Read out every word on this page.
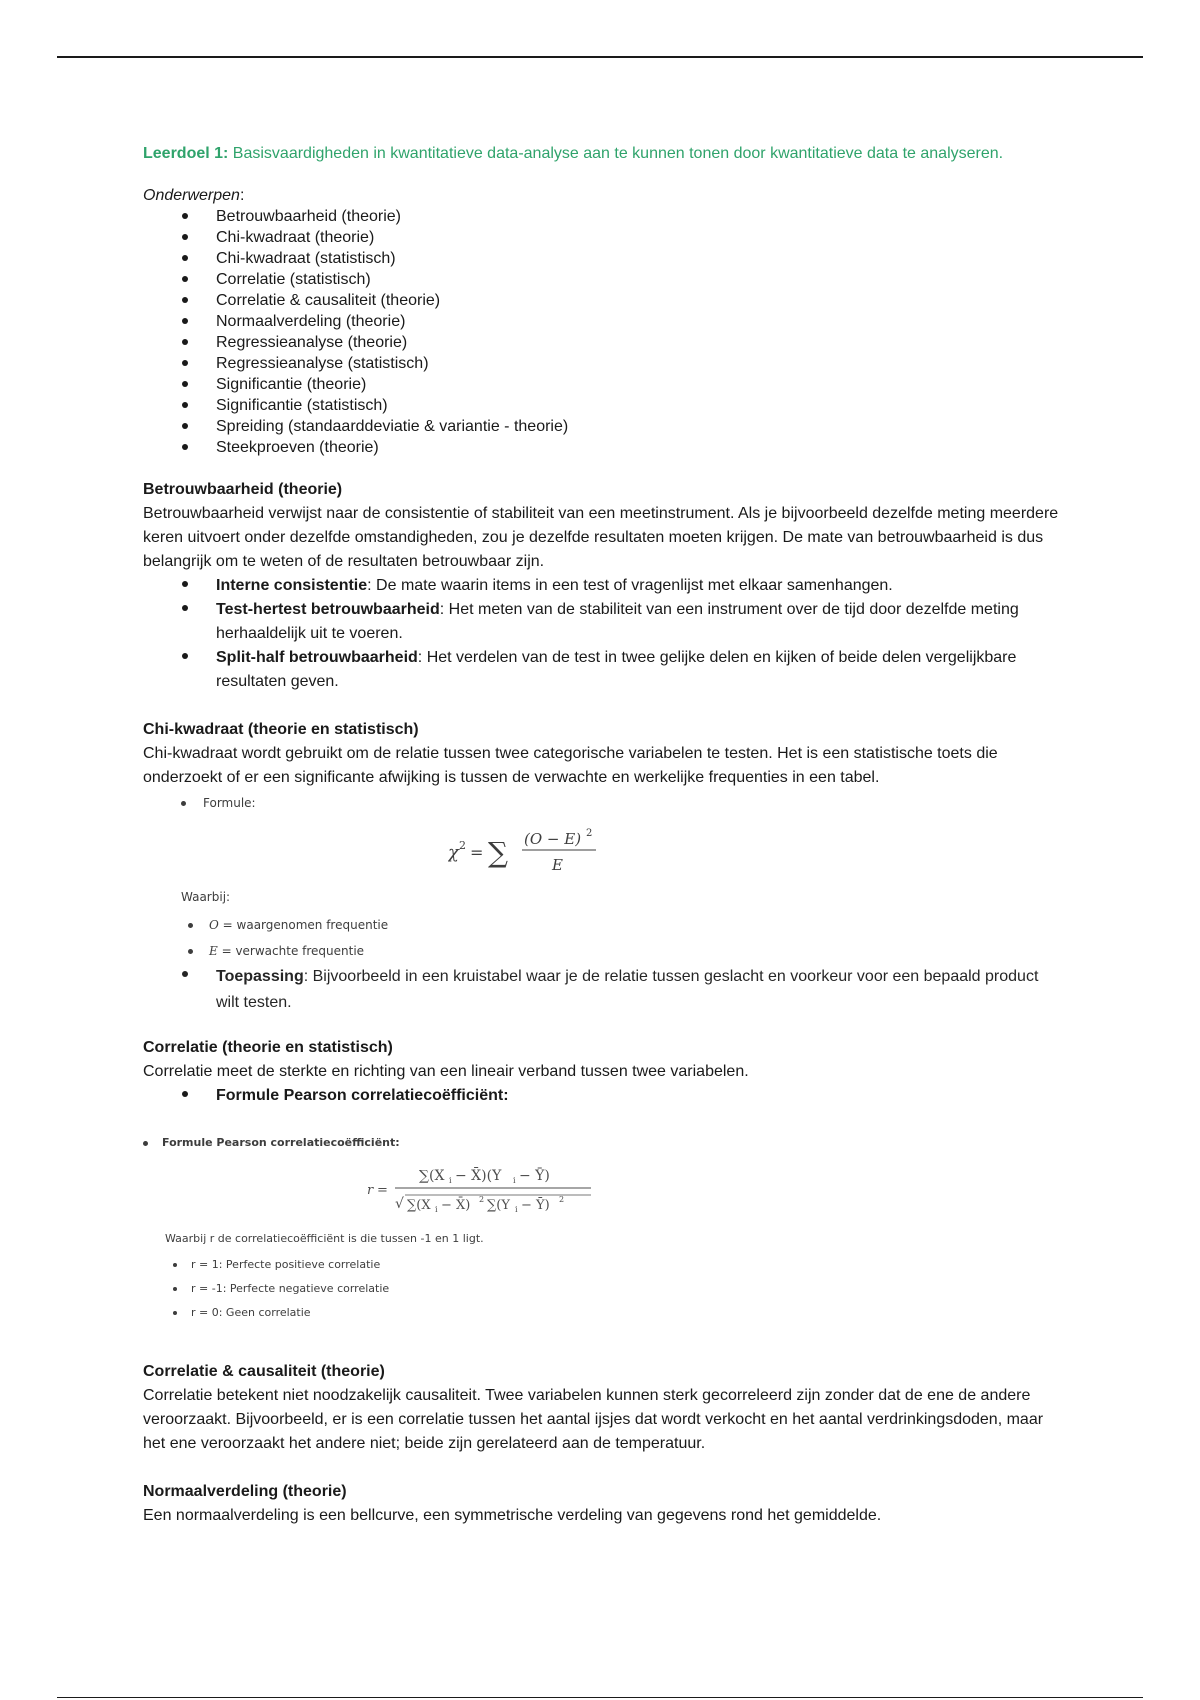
Leerdoel 1: Basisvaardigheden in kwantitatieve data-analyse aan te kunnen tonen door kwantitatieve data te analyseren.

Onderwerpen:
Betrouwbaarheid (theorie)
Chi-kwadraat (theorie)
Chi-kwadraat (statistisch)
Correlatie (statistisch)
Correlatie & causaliteit (theorie)
Normaalverdeling (theorie)
Regressieanalyse (theorie)
Regressieanalyse (statistisch)
Significantie (theorie)
Significantie (statistisch)
Spreiding (standaarddeviatie & variantie - theorie)
Steekproeven (theorie)
Betrouwbaarheid (theorie)

Betrouwbaarheid verwijst naar de consistentie of stabiliteit van een meetinstrument. Als je bijvoorbeeld dezelfde meting meerdere keren uitvoert onder dezelfde omstandigheden, zou je dezelfde resultaten moeten krijgen. De mate van betrouwbaarheid is dus belangrijk om te weten of de resultaten betrouwbaar zijn.

Interne consistentie: De mate waarin items in een test of vragenlijst met elkaar samenhangen.
Test-hertest betrouwbaarheid: Het meten van de stabiliteit van een instrument over de tijd door dezelfde meting herhaaldelijk uit te voeren.
Split-half betrouwbaarheid: Het verdelen van de test in twee gelijke delen en kijken of beide delen vergelijkbare resultaten geven.
Chi-kwadraat (theorie en statistisch)

Chi-kwadraat wordt gebruikt om de relatie tussen twee categorische variabelen te testen. Het is een statistische toets die onderzoekt of er een significante afwijking is tussen de verwachte en werkelijke frequenties in een tabel.

Formule:
χ 2 = ∑ (O − E) 2
E
Waarbij:
O = waargenomen frequentie
E = verwachte frequentie
Toepassing: Bijvoorbeeld in een kruistabel waar je de relatie tussen geslacht en voorkeur voor een bepaald product wilt testen.
Correlatie (theorie en statistisch)

Correlatie meet de sterkte en richting van een lineair verband tussen twee variabelen.

Formule Pearson correlatiecoëfficiënt:
Formule Pearson correlatiecoëfficiënt:
r =
∑(X i − X̄)(Y i − Ȳ)
√ ∑(X i − X̄) 2 ∑(Y i − Ȳ) 2
Waarbij r de correlatiecoëfficiënt is die tussen -1 en 1 ligt.
r = 1: Perfecte positieve correlatie
r = -1: Perfecte negatieve correlatie
r = 0: Geen correlatie
Correlatie & causaliteit (theorie)

Correlatie betekent niet noodzakelijk causaliteit. Twee variabelen kunnen sterk gecorreleerd zijn zonder dat de ene de andere veroorzaakt. Bijvoorbeeld, er is een correlatie tussen het aantal ijsjes dat wordt verkocht en het aantal verdrinkingsdoden, maar het ene veroorzaakt het andere niet; beide zijn gerelateerd aan de temperatuur.

Normaalverdeling (theorie)

Een normaalverdeling is een bellcurve, een symmetrische verdeling van gegevens rond het gemiddelde.
